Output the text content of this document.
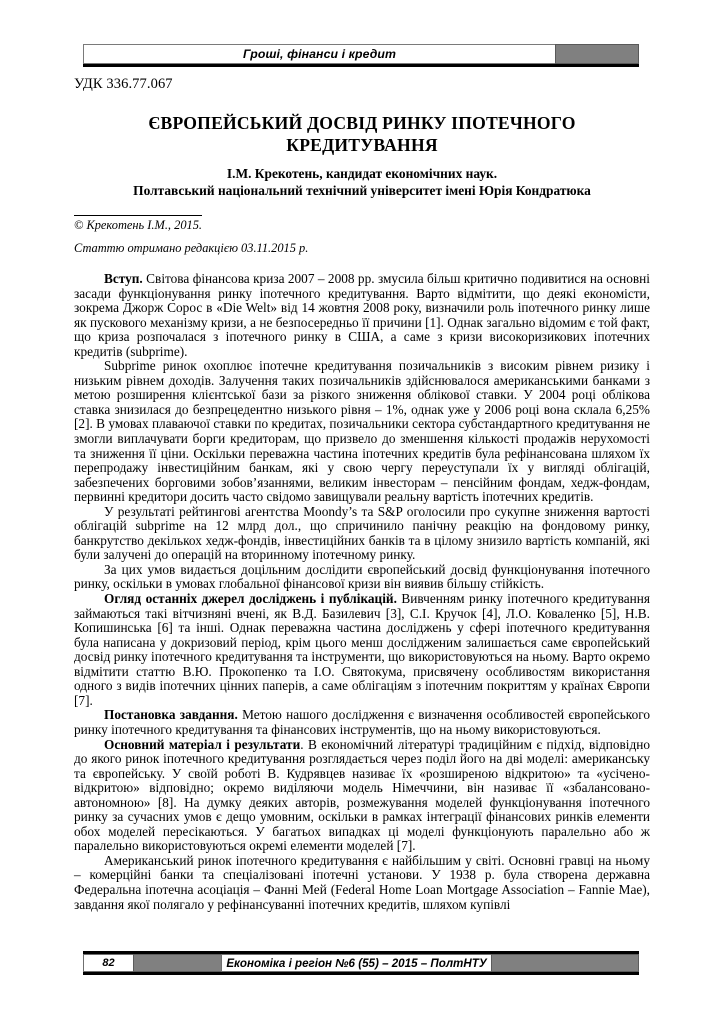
Гроші, фінанси і кредит
УДК 336.77.067
ЄВРОПЕЙСЬКИЙ ДОСВІД РИНКУ ІПОТЕЧНОГО КРЕДИТУВАННЯ
І.М. Крекотень, кандидат економічних наук.
Полтавський національний технічний університет імені Юрія Кондратюка
© Крекотень І.М., 2015.
Статтю отримано редакцією 03.11.2015 р.

Вступ. Світова фінансова криза 2007 – 2008 рр. змусила більш критично подивитися на основні засади функціонування ринку іпотечного кредитування. Варто відмітити, що деякі економісти, зокрема Джорж Сорос в «Die Welt» від 14 жовтня 2008 року, визначили роль іпотечного ринку лише як пускового механізму кризи, а не безпосередньо її причини [1]. Однак загально відомим є той факт, що криза розпочалася з іпотечного ринку в США, а саме з кризи високоризикових іпотечних кредитів (subprime).

Subprime ринок охоплює іпотечне кредитування позичальників з високим рівнем ризику і низьким рівнем доходів. Залучення таких позичальників здійснювалося американськими банками з метою розширення клієнтської бази за різкого зниження облікової ставки. У 2004 році облікова ставка знизилася до безпрецедентно низького рівня – 1%, однак уже у 2006 році вона склала 6,25% [2]. В умовах плаваючої ставки по кредитах, позичальники сектора субстандартного кредитування не змогли виплачувати борги кредиторам, що призвело до зменшення кількості продажів нерухомості та зниження її ціни. Оскільки переважна частина іпотечних кредитів була рефінансована шляхом їх перепродажу інвестиційним банкам, які у свою чергу переуступали їх у вигляді облігацій, забезпечених борговими зобов’язаннями, великим інвесторам – пенсійним фондам, хедж-фондам, первинні кредитори досить часто свідомо завищували реальну вартість іпотечних кредитів.

У результаті рейтингові агентства Moondy’s та S&P оголосили про сукупне зниження вартості облігацій subprime на 12 млрд дол., що спричинило панічну реакцію на фондовому ринку, банкрутство декількох хедж-фондів, інвестиційних банків та в цілому знизило вартість компаній, які були залучені до операцій на вторинному іпотечному ринку.

За цих умов видається доцільним дослідити європейський досвід функціонування іпотечного ринку, оскільки в умовах глобальної фінансової кризи він виявив більшу стійкість.

Огляд останніх джерел досліджень і публікацій. Вивченням ринку іпотечного кредитування займаються такі вітчизняні вчені, як В.Д. Базилевич [3], С.І. Кручок [4], Л.О. Коваленко [5], Н.В. Копишинська [6] та інші. Однак переважна частина досліджень у сфері іпотечного кредитування була написана у докризовий період, крім цього менш дослідженим залишається саме європейський досвід ринку іпотечного кредитування та інструменти, що використовуються на ньому. Варто окремо відмітити статтю В.Ю. Прокопенко та І.О. Святокума, присвячену особливостям використання одного з видів іпотечних цінних паперів, а саме облігаціям з іпотечним покриттям у країнах Європи [7].

Постановка завдання. Метою нашого дослідження є визначення особливостей європейського ринку іпотечного кредитування та фінансових інструментів, що на ньому використовуються.

Основний матеріал і результати. В економічний літературі традиційним є підхід, відповідно до якого ринок іпотечного кредитування розглядається через поділ його на дві моделі: американську та європейську. У своїй роботі В. Кудрявцев називає їх «розширеною відкритою» та «усічено-відкритою» відповідно; окремо виділяючи модель Німеччини, він називає її «збалансовано-автономною» [8]. На думку деяких авторів, розмежування моделей функціонування іпотечного ринку за сучасних умов є дещо умовним, оскільки в рамках інтеграції фінансових ринків елементи обох моделей пересікаються. У багатьох випадках ці моделі функціонують паралельно або ж паралельно використовуються окремі елементи моделей [7].

Американський ринок іпотечного кредитування є найбільшим у світі. Основні гравці на ньому – комерційні банки та спеціалізовані іпотечні установи. У 1938 р. була створена державна Федеральна іпотечна асоціація – Фанні Мей (Federal Home Loan Mortgage Association – Fannie Mae), завдання якої полягало у рефінансуванні іпотечних кредитів, шляхом купівлі

82	Економіка і регіон №6 (55) – 2015 – ПолтНТУ
